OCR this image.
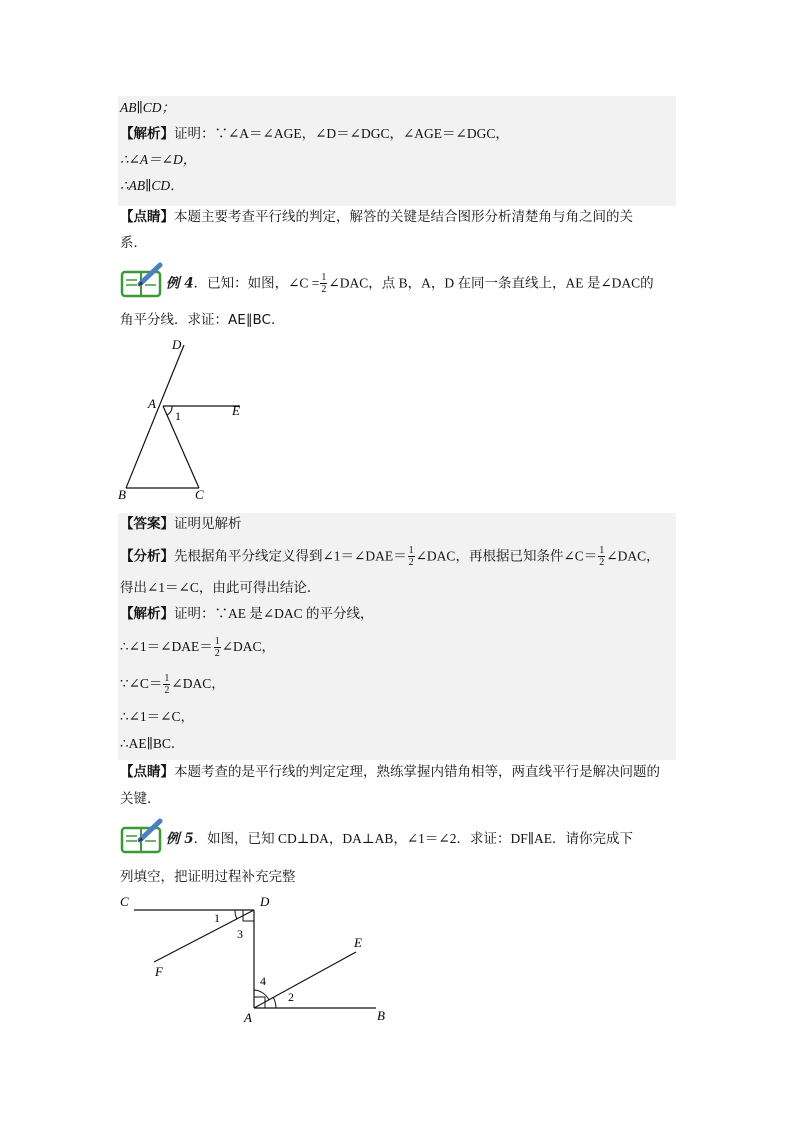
AB∥CD；
【解析】证明：∵∠A＝∠AGE，∠D＝∠DGC，∠AGE＝∠DGC，
∴∠A＝∠D，
∴AB∥CD．
【点睛】本题主要考查平行线的判定，解答的关键是结合图形分析清楚角与角之间的关
系．
例 4．已知：如图，∠C = $\frac{1}{2}$ ∠DAC，点 B，A，D 在同一条直线上，AE 是∠DAC的
角平分线．求证：AE∥BC．
D
A	E
B	C
1
【答案】证明见解析
【分析】先根据角平分线定义得到∠1＝∠DAE＝ $\frac{1}{2}$ ∠DAC，再根据已知条件∠C＝ $\frac{1}{2}$ ∠DAC，
得出∠1＝∠C，由此可得出结论．
【解析】证明：∵AE 是∠DAC 的平分线，
∴∠1＝∠DAE＝ $\frac{1}{2}$ ∠DAC，
∵∠C＝ $\frac{1}{2}$ ∠DAC，
∴∠1＝∠C，
∴AE∥BC．
【点睛】本题考查的是平行线的判定定理，熟练掌握内错角相等，两直线平行是解决问题的
关键．
例 5．如图，已知 CD⊥DA，DA⊥AB，∠1＝∠2．求证：DF∥AE．请你完成下
列填空，把证明过程补充完整
C	D
E
F
A	B
1
3
4
2
